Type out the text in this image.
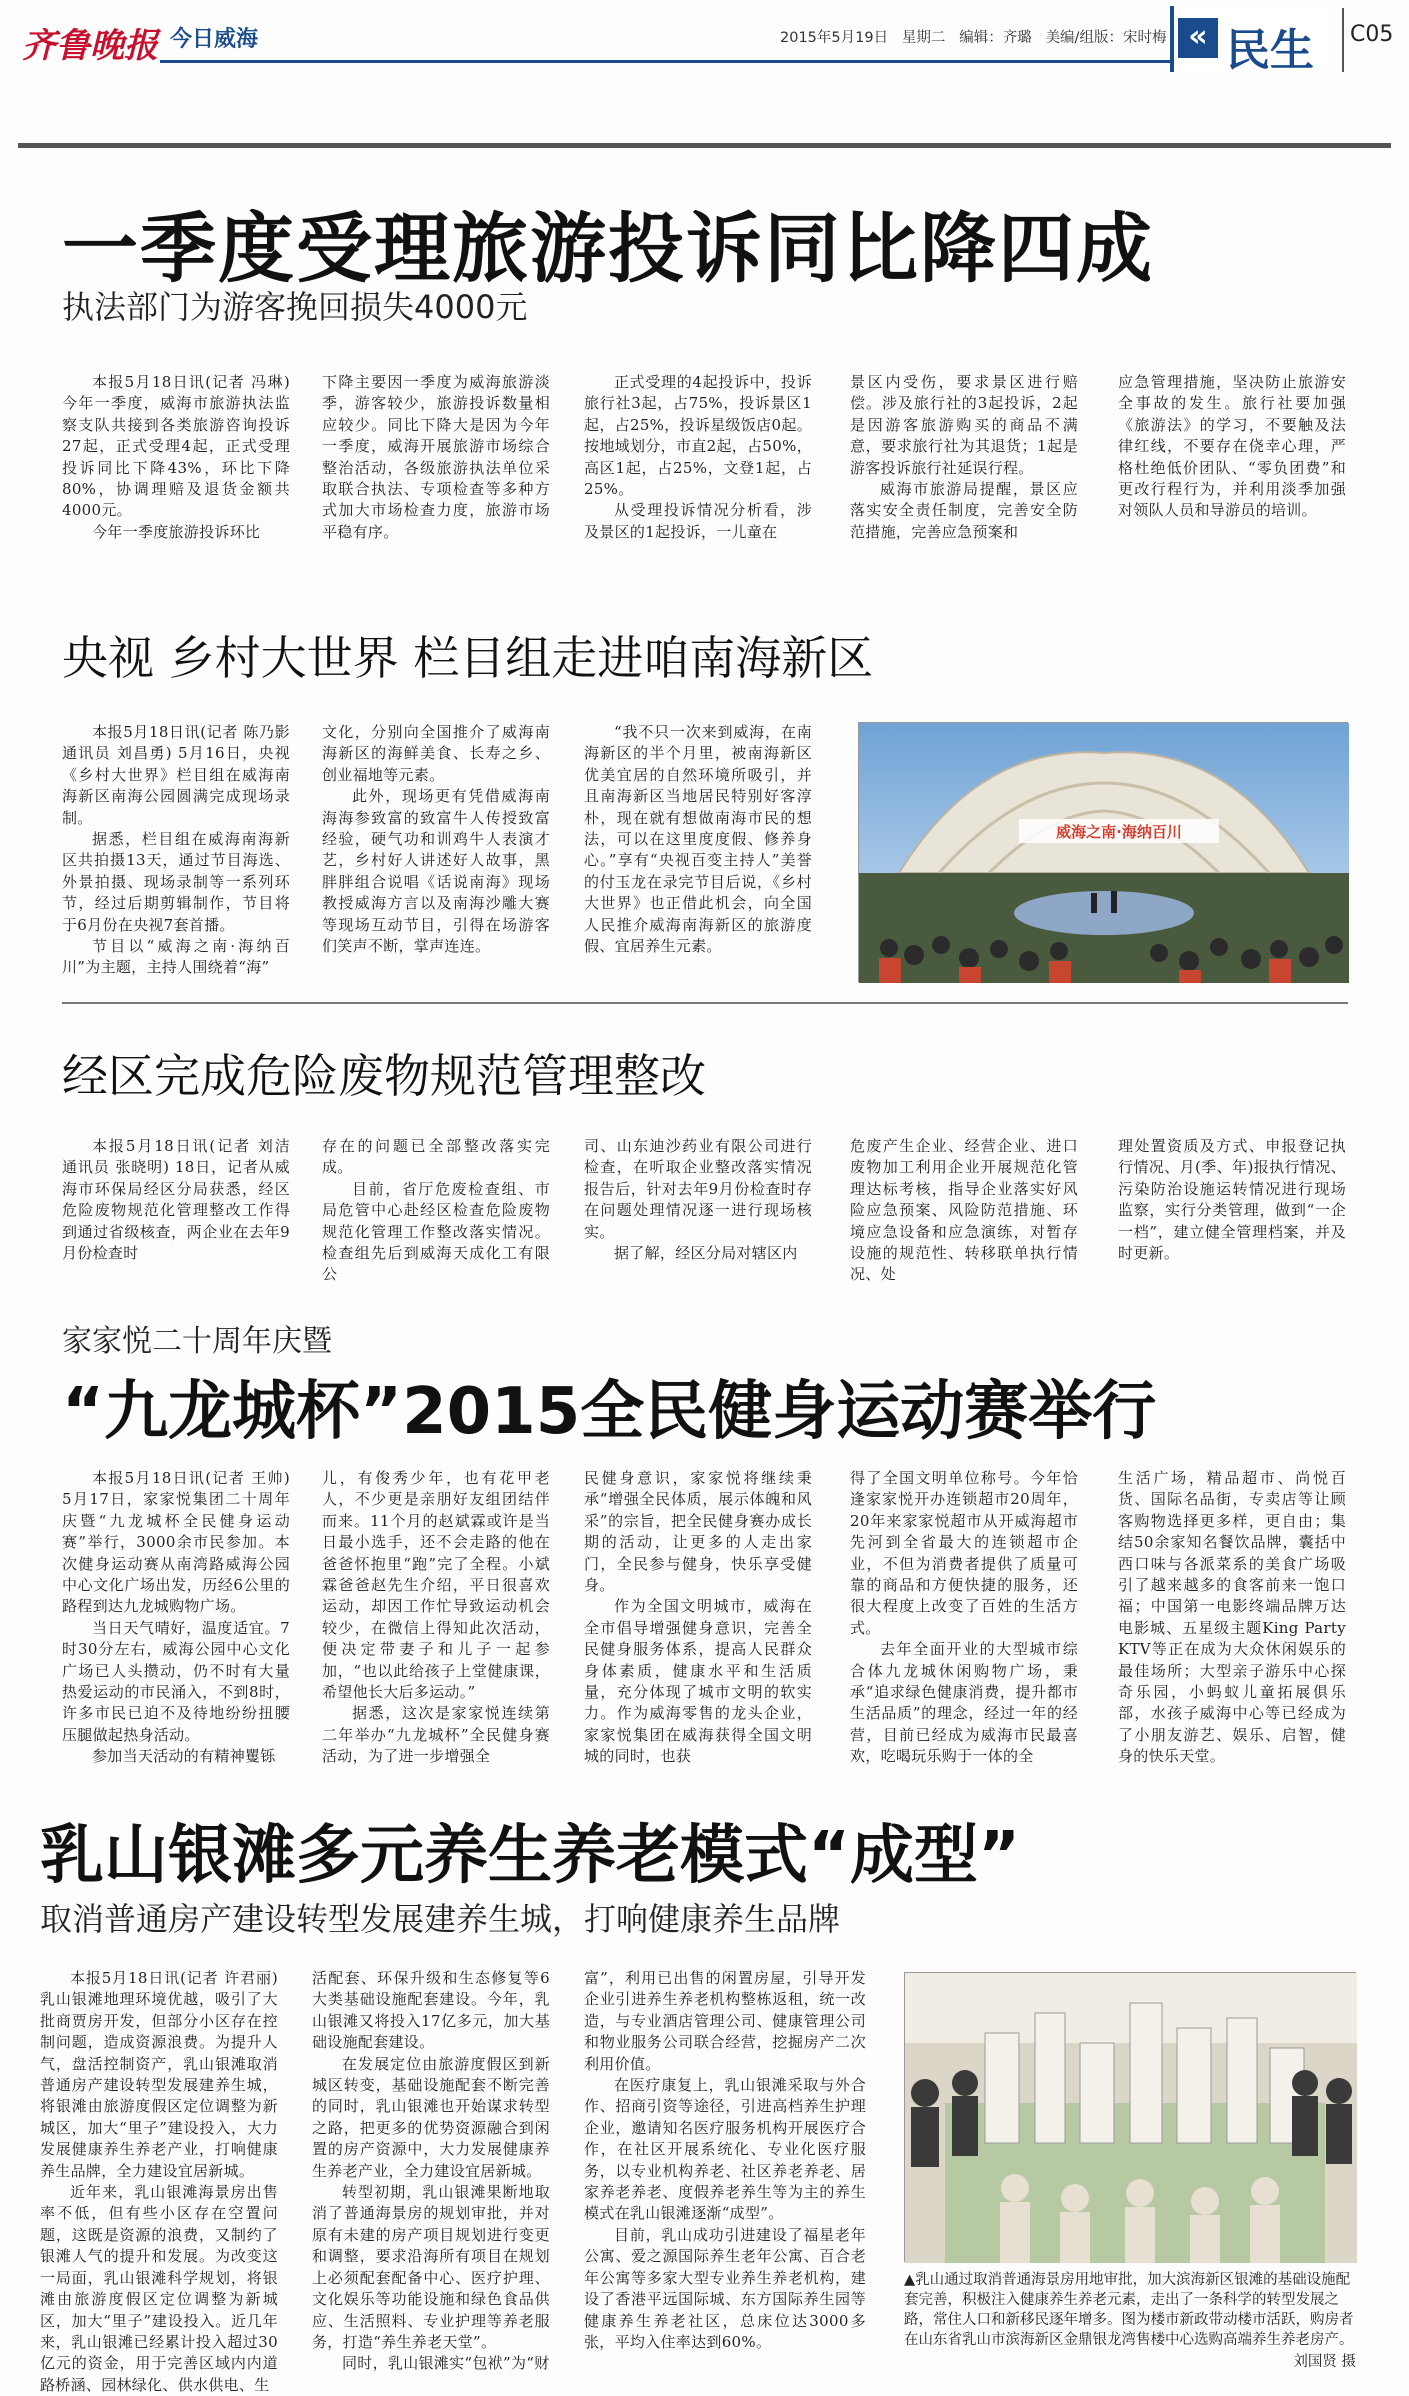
齐鲁晚报 今日威海	2015年5月19日 星期二 编辑：齐璐 美编/组版：宋时梅 « 民生 C05
一季度受理旅游投诉同比降四成
执法部门为游客挽回损失4000元

本报5月18日讯(记者 冯琳) 今年一季度，威海市旅游执法监察支队共接到各类旅游咨询投诉27起，正式受理4起，正式受理投诉同比下降43%，环比下降80%，协调理赔及退货金额共4000元。

今年一季度旅游投诉环比

下降主要因一季度为威海旅游淡季，游客较少，旅游投诉数量相应较少。同比下降大是因为今年一季度，威海开展旅游市场综合整治活动，各级旅游执法单位采取联合执法、专项检查等多种方式加大市场检查力度，旅游市场平稳有序。

正式受理的4起投诉中，投诉旅行社3起，占75%，投诉景区1起，占25%，投诉星级饭店0起。按地域划分，市直2起，占50%，高区1起，占25%，文登1起，占25%。

从受理投诉情况分析看，涉及景区的1起投诉，一儿童在

景区内受伤，要求景区进行赔偿。涉及旅行社的3起投诉，2起是因游客旅游购买的商品不满意，要求旅行社为其退货；1起是游客投诉旅行社延误行程。

威海市旅游局提醒，景区应落实安全责任制度，完善安全防范措施，完善应急预案和

应急管理措施，坚决防止旅游安全事故的发生。旅行社要加强《旅游法》的学习，不要触及法律红线，不要存在侥幸心理，严格杜绝低价团队、“零负团费”和更改行程行为，并利用淡季加强对领队人员和导游员的培训。

央视 乡村大世界 栏目组走进咱南海新区

本报5月18日讯(记者 陈乃影 通讯员 刘昌勇) 5月16日，央视《乡村大世界》栏目组在威海南海新区南海公园圆满完成现场录制。

据悉，栏目组在威海南海新区共拍摄13天，通过节目海选、外景拍摄、现场录制等一系列环节，经过后期剪辑制作，节目将于6月份在央视7套首播。

节目以“威海之南·海纳百川”为主题，主持人围绕着“海”

文化，分别向全国推介了威海南海新区的海鲜美食、长寿之乡、创业福地等元素。

此外，现场更有凭借威海南海海参致富的致富牛人传授致富经验，硬气功和训鸡牛人表演才艺，乡村好人讲述好人故事，黑胖胖组合说唱《话说南海》现场教授威海方言以及南海沙雕大赛等现场互动节目，引得在场游客们笑声不断，掌声连连。

“我不只一次来到威海，在南海新区的半个月里，被南海新区优美宜居的自然环境所吸引，并且南海新区当地居民特别好客淳朴，现在就有想做南海市民的想法，可以在这里度度假、修养身心。”享有“央视百变主持人”美誉的付玉龙在录完节目后说，《乡村大世界》也正借此机会，向全国人民推介威海南海新区的旅游度假、宜居养生元素。

威海之南·海纳百川
经区完成危险废物规范管理整改

本报5月18日讯(记者 刘洁 通讯员 张晓明) 18日，记者从威海市环保局经区分局获悉，经区危险废物规范化管理整改工作得到通过省级核查，两企业在去年9月份检查时

存在的问题已全部整改落实完成。

目前，省厅危废检查组、市局危管中心赴经区检查危险废物规范化管理工作整改落实情况。检查组先后到威海天成化工有限公

司、山东迪沙药业有限公司进行检查，在听取企业整改落实情况报告后，针对去年9月份检查时存在问题处理情况逐一进行现场核实。

据了解，经区分局对辖区内

危废产生企业、经营企业、进口废物加工利用企业开展规范化管理达标考核，指导企业落实好风险应急预案、风险防范措施、环境应急设备和应急演练，对暂存设施的规范性、转移联单执行情况、处

理处置资质及方式、申报登记执行情况、月(季、年)报执行情况、污染防治设施运转情况进行现场监察，实行分类管理，做到“一企一档”，建立健全管理档案，并及时更新。

家家悦二十周年庆暨
“九龙城杯”2015全民健身运动赛举行

本报5月18日讯(记者 王帅) 5月17日，家家悦集团二十周年庆暨“九龙城杯全民健身运动赛”举行，3000余市民参加。本次健身运动赛从南湾路威海公园中心文化广场出发，历经6公里的路程到达九龙城购物广场。

当日天气晴好，温度适宜。7时30分左右，威海公园中心文化广场已人头攒动，仍不时有大量热爱运动的市民涌入，不到8时，许多市民已迫不及待地纷纷扭腰压腿做起热身活动。

参加当天活动的有精神矍铄

儿，有俊秀少年，也有花甲老人，不少更是亲朋好友组团结伴而来。11个月的赵斌霖或许是当日最小选手，还不会走路的他在爸爸怀抱里“跑”完了全程。小斌霖爸爸赵先生介绍，平日很喜欢运动，却因工作忙导致运动机会较少，在微信上得知此次活动，便决定带妻子和儿子一起参加，“也以此给孩子上堂健康课，希望他长大后多运动。”

据悉，这次是家家悦连续第二年举办“九龙城杯”全民健身赛活动，为了进一步增强全

民健身意识，家家悦将继续秉承“增强全民体质，展示体魄和风采”的宗旨，把全民健身赛办成长期的活动，让更多的人走出家门，全民参与健身，快乐享受健身。

作为全国文明城市，威海在全市倡导增强健身意识，完善全民健身服务体系，提高人民群众身体素质，健康水平和生活质量，充分体现了城市文明的软实力。作为威海零售的龙头企业，家家悦集团在威海获得全国文明城的同时，也获

得了全国文明单位称号。今年恰逢家家悦开办连锁超市20周年，20年来家家悦超市从开威海超市先河到全省最大的连锁超市企业，不但为消费者提供了质量可靠的商品和方便快捷的服务，还很大程度上改变了百姓的生活方式。

去年全面开业的大型城市综合体九龙城休闲购物广场，秉承“追求绿色健康消费，提升都市生活品质”的理念，经过一年的经营，目前已经成为威海市民最喜欢，吃喝玩乐购于一体的全

生活广场，精品超市、尚悦百货、国际名品街，专卖店等让顾客购物选择更多样，更自由；集结50余家知名餐饮品牌，囊括中西口味与各派菜系的美食广场吸引了越来越多的食客前来一饱口福；中国第一电影终端品牌万达电影城、五星级主题King Party KTV等正在成为大众休闲娱乐的最佳场所；大型亲子游乐中心探奇乐园，小蚂蚁儿童拓展俱乐部，水孩子威海中心等已经成为了小朋友游艺、娱乐、启智，健身的快乐天堂。

乳山银滩多元养生养老模式“成型”
取消普通房产建设转型发展建养生城，打响健康养生品牌

本报5月18日讯(记者 许君丽) 乳山银滩地理环境优越，吸引了大批商贾房开发，但部分小区存在控制问题，造成资源浪费。为提升人气，盘活控制资产，乳山银滩取消普通房产建设转型发展建养生城，将银滩由旅游度假区定位调整为新城区，加大“里子”建设投入，大力发展健康养生养老产业，打响健康养生品牌，全力建设宜居新城。

近年来，乳山银滩海景房出售率不低，但有些小区存在空置问题，这既是资源的浪费，又制约了银滩人气的提升和发展。为改变这一局面，乳山银滩科学规划，将银滩由旅游度假区定位调整为新城区，加大“里子”建设投入。近几年来，乳山银滩已经累计投入超过30亿元的资金，用于完善区域内内道路桥涵、园林绿化、供水供电、生

活配套、环保升级和生态修复等6大类基础设施配套建设。今年，乳山银滩又将投入17亿多元，加大基础设施配套建设。

在发展定位由旅游度假区到新城区转变，基础设施配套不断完善的同时，乳山银滩也开始谋求转型之路，把更多的优势资源融合到闲置的房产资源中，大力发展健康养生养老产业，全力建设宜居新城。

转型初期，乳山银滩果断地取消了普通海景房的规划审批，并对原有未建的房产项目规划进行变更和调整，要求沿海所有项目在规划上必须配套配备中心、医疗护理、文化娱乐等功能设施和绿色食品供应、生活照料、专业护理等养老服务，打造“养生养老天堂”。

同时，乳山银滩实“包袱”为“财

富”，利用已出售的闲置房屋，引导开发企业引进养生养老机构整栋返租，统一改造，与专业酒店管理公司、健康管理公司和物业服务公司联合经营，挖掘房产二次利用价值。

在医疗康复上，乳山银滩采取与外合作、招商引资等途径，引进高档养生护理企业，邀请知名医疗服务机构开展医疗合作，在社区开展系统化、专业化医疗服务，以专业机构养老、社区养老养老、居家养老养老、度假养老养生等为主的养生模式在乳山银滩逐渐“成型”。

目前，乳山成功引进建设了福星老年公寓、爱之源国际养生老年公寓、百合老年公寓等多家大型专业养生养老机构，建设了香港平远国际城、东方国际养生园等健康养生养老社区，总床位达3000多张，平均入住率达到60%。

▲乳山通过取消普通海景房用地审批，加大滨海新区银滩的基础设施配套完善，积极注入健康养生养老元素，走出了一条科学的转型发展之路，常住人口和新移民逐年增多。图为楼市新政带动楼市活跃，购房者在山东省乳山市滨海新区金鼎银龙湾售楼中心选购高端养生养老房产。
刘国贤 摄
